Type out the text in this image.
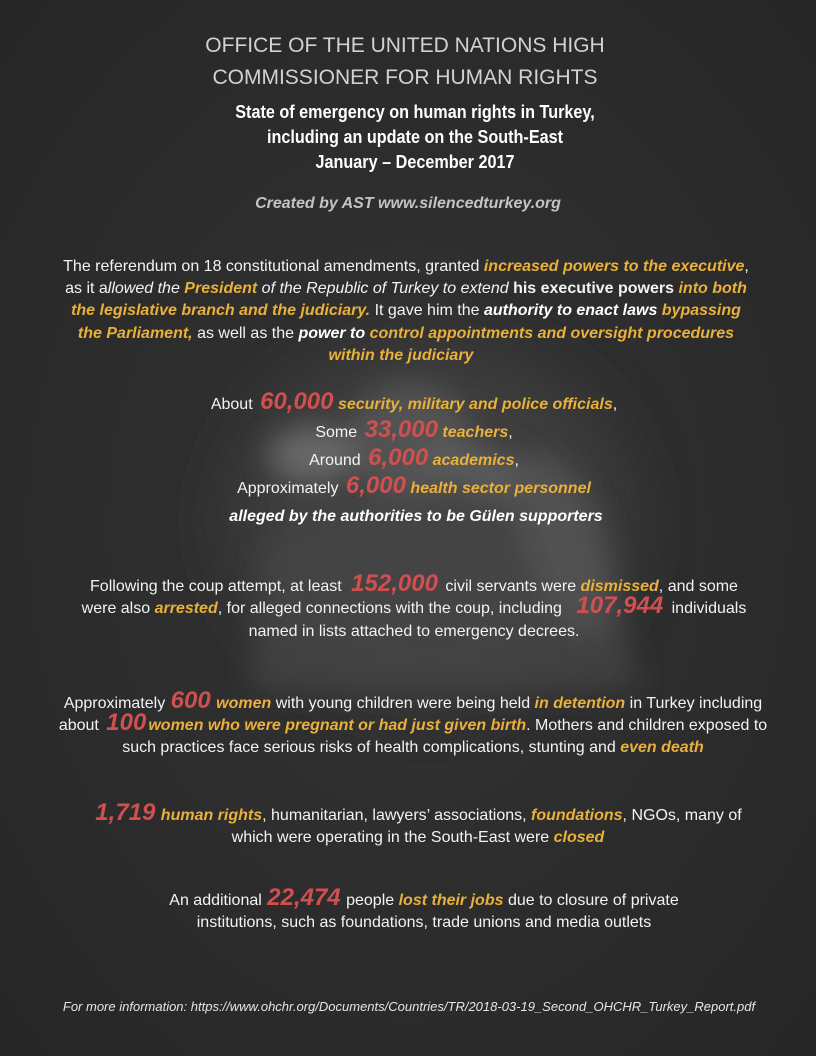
OFFICE OF THE UNITED NATIONS HIGH
COMMISSIONER FOR HUMAN RIGHTS
State of emergency on human rights in Turkey,
including an update on the South-East
January – December 2017
Created by AST www.silencedturkey.org
The referendum on 18 constitutional amendments, granted increased powers to the executive ,
as it a llowed the President of the Republic of Turkey to extend his executive powers into both
the legislative branch and the judiciary. It gave him the authority to enact laws bypassing
the Parliament, as well as the power to control appointments and oversight procedures
within the judiciary
About 60,000 security, military and police officials ,
Some 33,000 teachers ,
Around 6,000 academics ,
Approximately 6,000 health sector personnel
alleged by the authorities to be Gülen supporters
Following the coup attempt, at least 152,000 civil servants were dismissed , and some
were also arrested , for alleged connections with the coup, including 107,944 individuals
named in lists attached to emergency decrees.
Approximately 600 women with young children were being held in detention in Turkey including
about 100 women who were pregnant or had just given birth . Mothers and children exposed to
such practices face serious risks of health complications, stunting and even death
1,719 human rights , humanitarian, lawyers’ associations, foundations , NGOs, many of
which were operating in the South-East were closed
An additional 22,474 people lost their jobs due to closure of private
institutions, such as foundations, trade unions and media outlets
For more information: https://www.ohchr.org/Documents/Countries/TR/2018-03-19_Second_OHCHR_Turkey_Report.pdf
